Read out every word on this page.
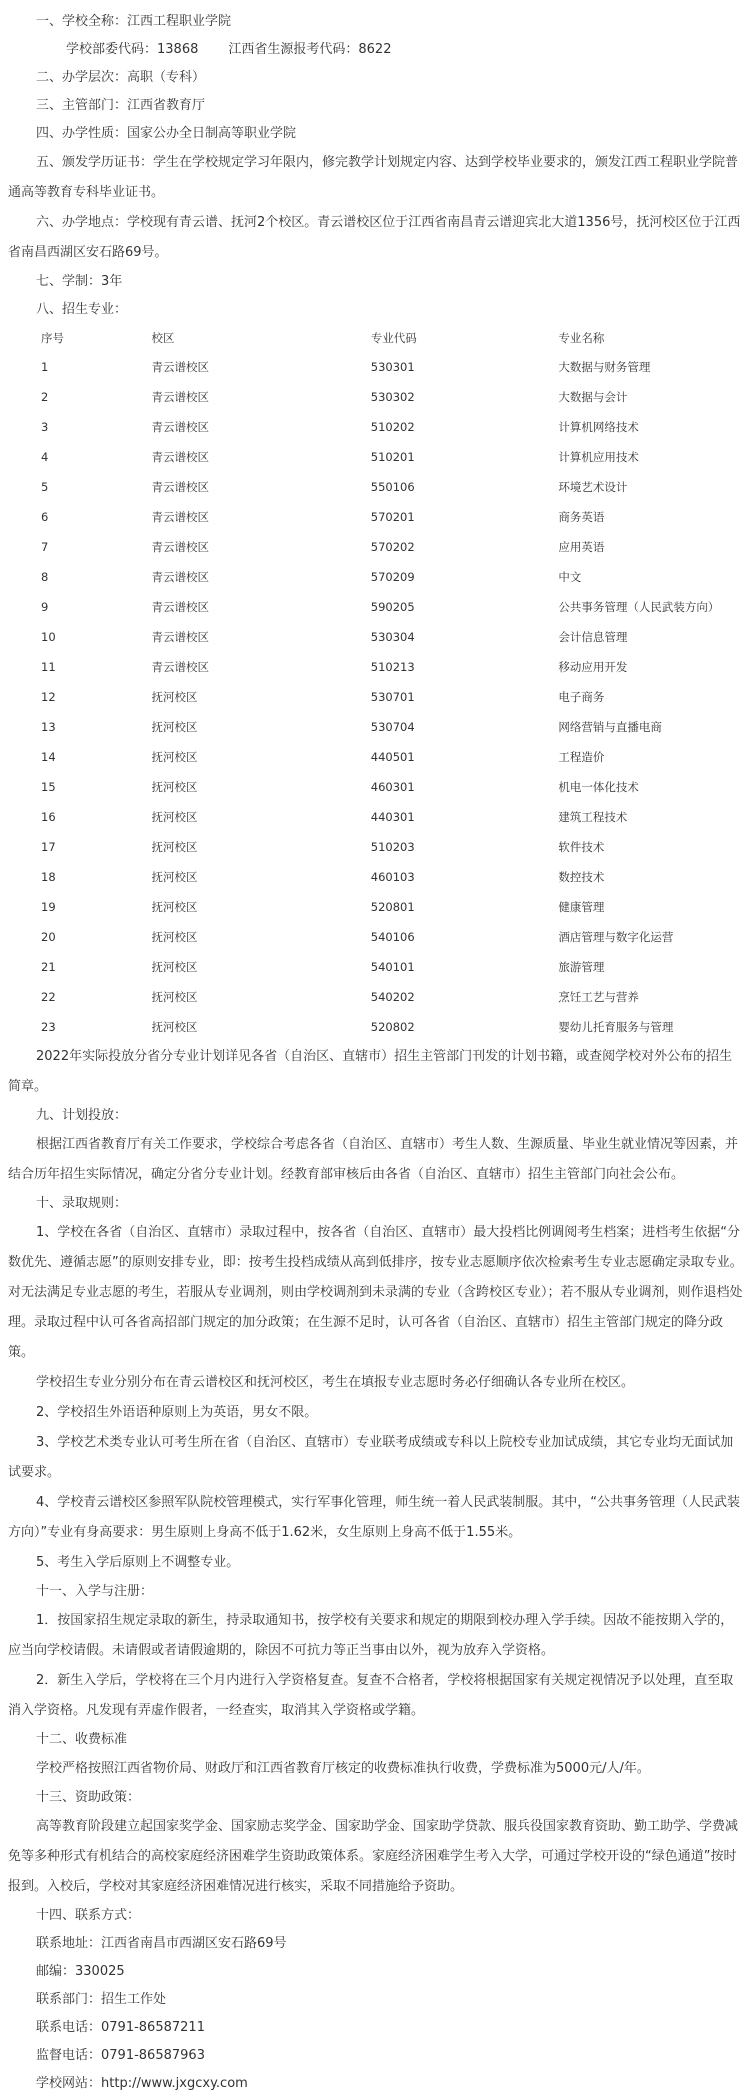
一、学校全称：江西工程职业学院

学校部委代码：13868 江西省生源报考代码：8622

二、办学层次：高职（专科）

三、主管部门：江西省教育厅

四、办学性质：国家公办全日制高等职业学院

五、颁发学历证书：学生在学校规定学习年限内，修完教学计划规定内容、达到学校毕业要求的，颁发江西工程职业学院普通高等教育专科毕业证书。

六、办学地点：学校现有青云谱、抚河2个校区。青云谱校区位于江西省南昌青云谱迎宾北大道1356号，抚河校区位于江西省南昌西湖区安石路69号。

七、学制：3年

八、招生专业：

序号	校区	专业代码	专业名称
1	青云谱校区	530301	大数据与财务管理
2	青云谱校区	530302	大数据与会计
3	青云谱校区	510202	计算机网络技术
4	青云谱校区	510201	计算机应用技术
5	青云谱校区	550106	环境艺术设计
6	青云谱校区	570201	商务英语
7	青云谱校区	570202	应用英语
8	青云谱校区	570209	中文
9	青云谱校区	590205	公共事务管理（人民武装方向）
10	青云谱校区	530304	会计信息管理
11	青云谱校区	510213	移动应用开发
12	抚河校区	530701	电子商务
13	抚河校区	530704	网络营销与直播电商
14	抚河校区	440501	工程造价
15	抚河校区	460301	机电一体化技术
16	抚河校区	440301	建筑工程技术
17	抚河校区	510203	软件技术
18	抚河校区	460103	数控技术
19	抚河校区	520801	健康管理
20	抚河校区	540106	酒店管理与数字化运营
21	抚河校区	540101	旅游管理
22	抚河校区	540202	烹饪工艺与营养
23	抚河校区	520802	婴幼儿托育服务与管理

2022年实际投放分省分专业计划详见各省（自治区、直辖市）招生主管部门刊发的计划书籍，或查阅学校对外公布的招生简章。

九、计划投放：

根据江西省教育厅有关工作要求，学校综合考虑各省（自治区、直辖市）考生人数、生源质量、毕业生就业情况等因素，并结合历年招生实际情况，确定分省分专业计划。经教育部审核后由各省（自治区、直辖市）招生主管部门向社会公布。

十、录取规则：

1、学校在各省（自治区、直辖市）录取过程中，按各省（自治区、直辖市）最大投档比例调阅考生档案；进档考生依据“分数优先、遵循志愿”的原则安排专业，即：按考生投档成绩从高到低排序，按专业志愿顺序依次检索考生专业志愿确定录取专业。对无法满足专业志愿的考生，若服从专业调剂，则由学校调剂到未录满的专业（含跨校区专业）；若不服从专业调剂，则作退档处理。录取过程中认可各省高招部门规定的加分政策；在生源不足时，认可各省（自治区、直辖市）招生主管部门规定的降分政策。

学校招生专业分别分布在青云谱校区和抚河校区，考生在填报专业志愿时务必仔细确认各专业所在校区。

2、学校招生外语语种原则上为英语，男女不限。

3、学校艺术类专业认可考生所在省（自治区、直辖市）专业联考成绩或专科以上院校专业加试成绩，其它专业均无面试加试要求。

4、学校青云谱校区参照军队院校管理模式，实行军事化管理，师生统一着人民武装制服。其中，“公共事务管理（人民武装方向）”专业有身高要求：男生原则上身高不低于1.62米，女生原则上身高不低于1.55米。

5、考生入学后原则上不调整专业。

十一、入学与注册：

1．按国家招生规定录取的新生，持录取通知书，按学校有关要求和规定的期限到校办理入学手续。因故不能按期入学的，应当向学校请假。未请假或者请假逾期的，除因不可抗力等正当事由以外，视为放弃入学资格。

2．新生入学后，学校将在三个月内进行入学资格复查。复查不合格者，学校将根据国家有关规定视情况予以处理，直至取消入学资格。凡发现有弄虚作假者，一经查实，取消其入学资格或学籍。

十二、收费标准

学校严格按照江西省物价局、财政厅和江西省教育厅核定的收费标准执行收费，学费标准为5000元/人/年。

十三、资助政策：

高等教育阶段建立起国家奖学金、国家励志奖学金、国家助学金、国家助学贷款、服兵役国家教育资助、勤工助学、学费减免等多种形式有机结合的高校家庭经济困难学生资助政策体系。家庭经济困难学生考入大学，可通过学校开设的“绿色通道”按时报到。入校后，学校对其家庭经济困难情况进行核实，采取不同措施给予资助。

十四、联系方式：

联系地址：江西省南昌市西湖区安石路69号

邮编：330025

联系部门：招生工作处

联系电话：0791-86587211

监督电话：0791-86587963

学校网站：http://www.jxgcxy.com
